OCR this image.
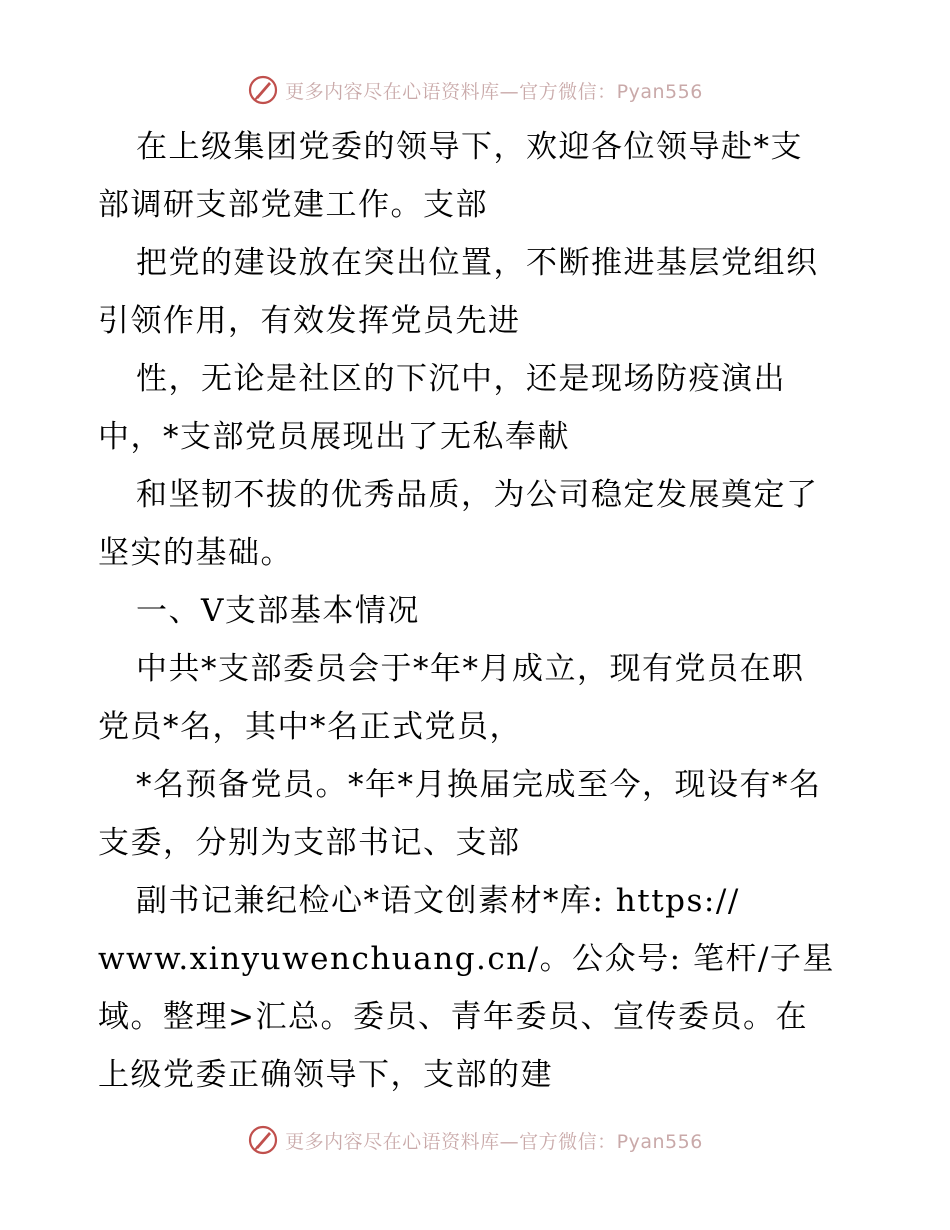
更多内容尽在心语资料库—官方微信：Pyan556
在上级集团党委的领导下，欢迎各位领导赴*支
部调研支部党建工作。支部
把党的建设放在突出位置，不断推进基层党组织
引领作用，有效发挥党员先进
性，无论是社区的下沉中，还是现场防疫演出
中，*支部党员展现出了无私奉献
和坚韧不拔的优秀品质，为公司稳定发展奠定了
坚实的基础。
一、V支部基本情况
中共*支部委员会于*年*月成立，现有党员在职
党员*名，其中*名正式党员，
*名预备党员。*年*月换届完成至今，现设有*名
支委，分别为支部书记、支部
副书记兼纪检心*语文创素材*库: https://
www.xinyuwenchuang.cn/。公众号: 笔杆/子星
域。整理>汇总。委员、青年委员、宣传委员。在
上级党委正确领导下，支部的建
更多内容尽在心语资料库—官方微信：Pyan556
